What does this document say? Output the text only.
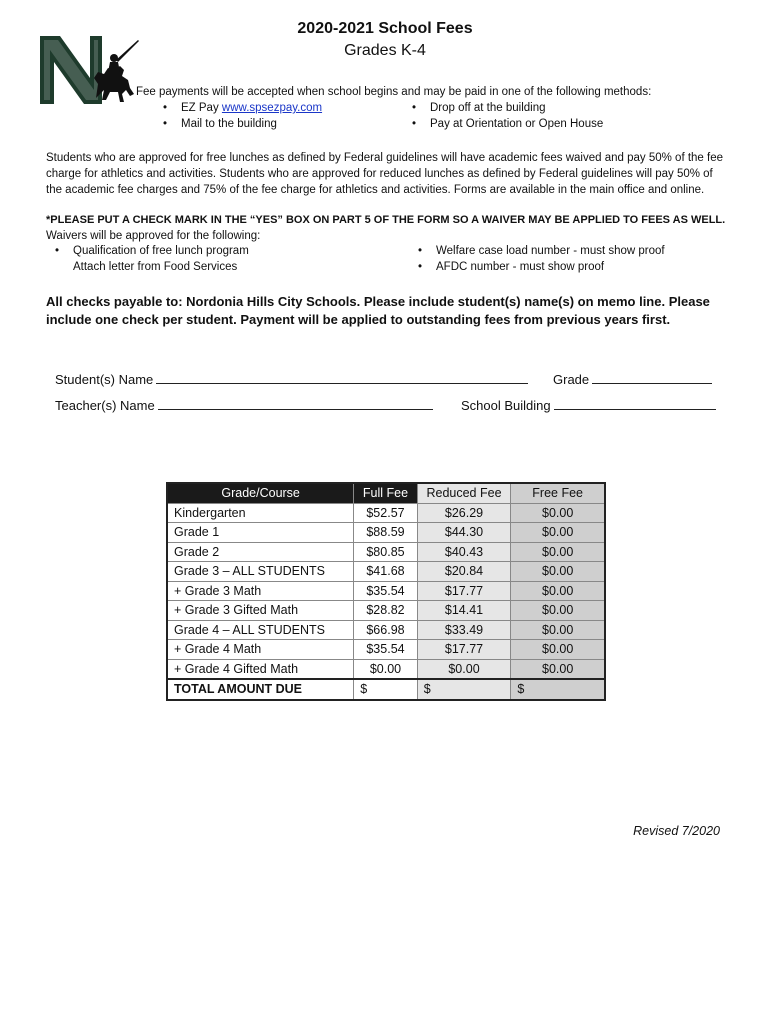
2020-2021 School Fees
Grades K-4
Fee payments will be accepted when school begins and may be paid in one of the following methods:
• EZ Pay www.spsezpay.com
• Mail to the building
• Drop off at the building
• Pay at Orientation or Open House
Students who are approved for free lunches as defined by Federal guidelines will have academic fees waived and pay 50% of the fee charge for athletics and activities. Students who are approved for reduced lunches as defined by Federal guidelines will pay 50% of the academic fee charges and 75% of the fee charge for athletics and activities. Forms are available in the main office and online.
*PLEASE PUT A CHECK MARK IN THE “YES” BOX ON PART 5 OF THE FORM SO A WAIVER MAY BE APPLIED TO FEES AS WELL.
Waivers will be approved for the following:
• Qualification of free lunch program
Attach letter from Food Services
• Welfare case load number - must show proof
• AFDC number - must show proof
All checks payable to: Nordonia Hills City Schools. Please include student(s) name(s) on memo line. Please include one check per student. Payment will be applied to outstanding fees from previous years first.
Student(s) Name	Grade
Teacher(s) Name	School Building
Grade/Course	Full Fee	Reduced Fee	Free Fee
Kindergarten	$52.57	$26.29	$0.00
Grade 1	$88.59	$44.30	$0.00
Grade 2	$80.85	$40.43	$0.00
Grade 3 – ALL STUDENTS	$41.68	$20.84	$0.00
+ Grade 3 Math	$35.54	$17.77	$0.00
+ Grade 3 Gifted Math	$28.82	$14.41	$0.00
Grade 4 – ALL STUDENTS	$66.98	$33.49	$0.00
+ Grade 4 Math	$35.54	$17.77	$0.00
+ Grade 4 Gifted Math	$0.00	$0.00	$0.00
TOTAL AMOUNT DUE	$	$	$
Revised 7/2020
